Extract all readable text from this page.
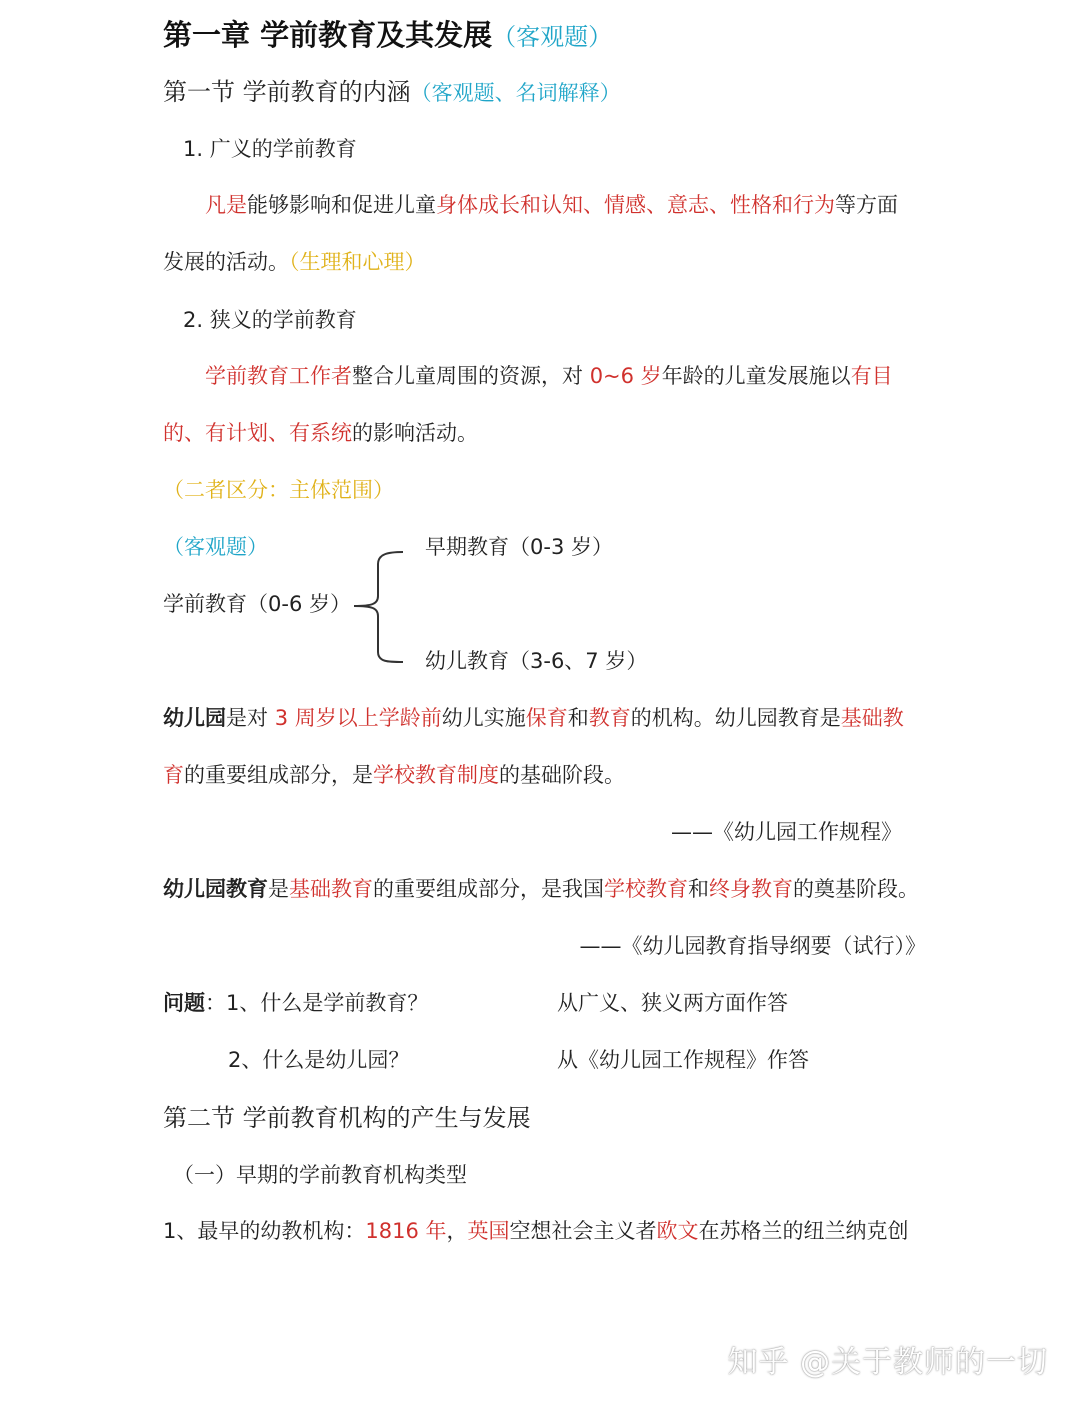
第一章 学前教育及其发展（客观题）
第一节 学前教育的内涵（客观题、名词解释）
1. 广义的学前教育
凡是能够影响和促进儿童身体成长和认知、情感、意志、性格和行为等方面
发展的活动。（生理和心理）
2. 狭义的学前教育
学前教育工作者整合儿童周围的资源，对 0~6 岁年龄的儿童发展施以有目
的、有计划、有系统的影响活动。
（二者区分：主体范围）
（客观题）	早期教育（0-3 岁）
学前教育（0-6 岁）
幼儿教育（3-6、7 岁）
幼儿园是对 3 周岁以上学龄前幼儿实施保育和教育的机构。幼儿园教育是基础教
育的重要组成部分，是学校教育制度的基础阶段。
——《幼儿园工作规程》
幼儿园教育是基础教育的重要组成部分，是我国学校教育和终身教育的奠基阶段。
——《幼儿园教育指导纲要（试行）》
问题：1、什么是学前教育？	从广义、狭义两方面作答
2、什么是幼儿园？	从《幼儿园工作规程》作答
第二节 学前教育机构的产生与发展
（一）早期的学前教育机构类型
1、最早的幼教机构：1816 年，英国空想社会主义者欧文在苏格兰的纽兰纳克创
知乎 @关于教师的一切
